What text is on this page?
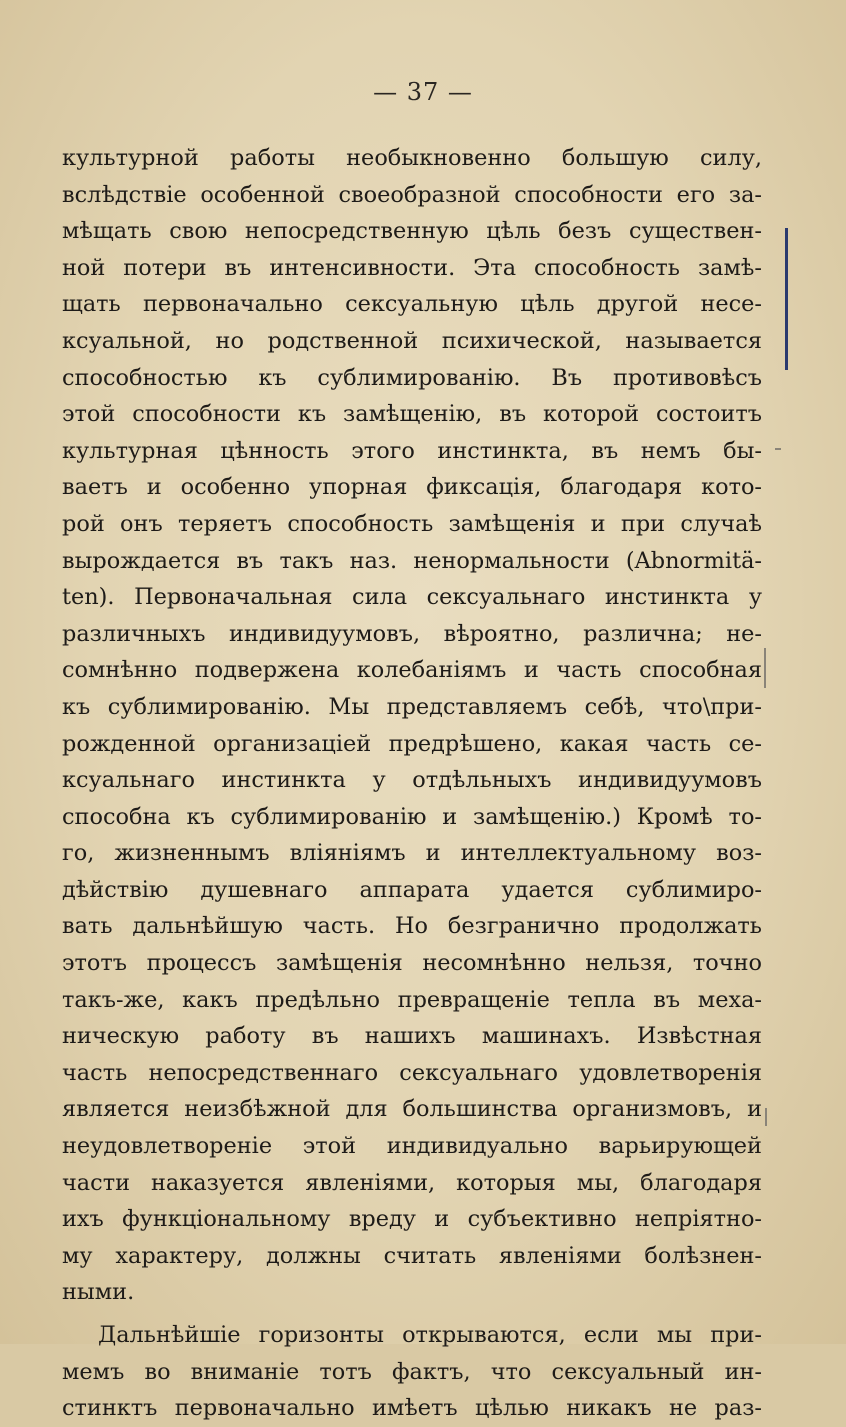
— 37 —
культурной работы необыкновенно большую силу,
вслѣдствіе особенной своеобразной способности его за-
мѣщать свою непосредственную цѣль безъ существен-
ной потери въ интенсивности. Эта способность замѣ-
щать первоначально сексуальную цѣль другой несе-
ксуальной, но родственной психической, называется
способностью къ сублимированію. Въ противовѣсъ
этой способности къ замѣщенію, въ которой состоитъ
культурная цѣнность этого инстинкта, въ немъ бы-
ваетъ и особенно упорная фиксація, благодаря кото-
рой онъ теряетъ способность замѣщенія и при случаѣ
вырождается въ такъ наз. ненормальности (Abnormitä-
ten). Первоначальная сила сексуальнаго инстинкта у
различныхъ индивидуумовъ, вѣроятно, различна; не-
сомнѣнно подвержена колебаніямъ и часть способная
къ сублимированію. Мы представляемъ себѣ, что\при-
рожденной организаціей предрѣшено, какая часть се-
ксуальнаго инстинкта у отдѣльныхъ индивидуумовъ
способна къ сублимированію и замѣщенію.) Кромѣ то-
го, жизненнымъ вліяніямъ и интеллектуальному воз-
дѣйствію душевнаго аппарата удается сублимиро-
вать дальнѣйшую часть. Но безгранично продолжать
этотъ процессъ замѣщенія несомнѣнно нельзя, точно
такъ-же, какъ предѣльно превращеніе тепла въ меха-
ническую работу въ нашихъ машинахъ. Извѣстная
часть непосредственнаго сексуальнаго удовлетворенія
является неизбѣжной для большинства организмовъ, и
неудовлетвореніе этой индивидуально варьирующей
части наказуется явленіями, которыя мы, благодаря
ихъ функціональному вреду и субъективно непріятно-
му характеру, должны считать явленіями болѣзнен-
ными.
Дальнѣйшіе горизонты открываются, если мы при-
мемъ во вниманіе тотъ фактъ, что сексуальный ин-
стинктъ первоначально имѣетъ цѣлью никакъ не раз-
